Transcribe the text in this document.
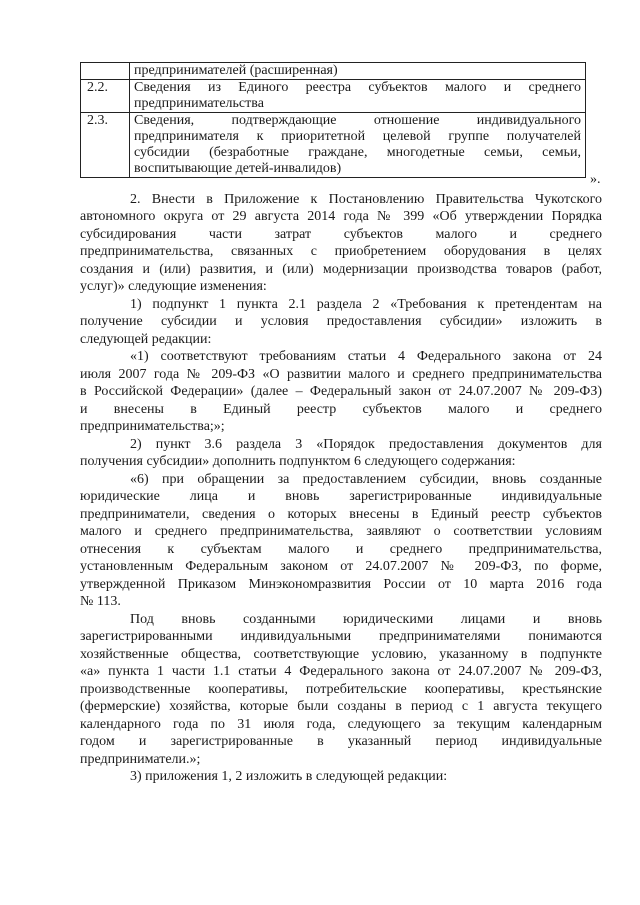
	предпринимателей (расширенная)

2.2.	Сведения из Единого реестра субъектов малого и среднего
предпринимательства

2.3.	Сведения, подтверждающие отношение индивидуального
предпринимателя к приоритетной целевой группе получателей
субсидии (безработные граждане, многодетные семьи, семьи,
воспитывающие детей-инвалидов)
».
2. Внести в Приложение к Постановлению Правительства Чукотского
автономного округа от 29 августа 2014 года № 399 «Об утверждении Порядка
субсидирования части затрат субъектов малого и среднего
предпринимательства, связанных с приобретением оборудования в целях
создания и (или) развития, и (или) модернизации производства товаров (работ,
услуг)» следующие изменения:
1) подпункт 1 пункта 2.1 раздела 2 «Требования к претендентам на
получение субсидии и условия предоставления субсидии» изложить в
следующей редакции:
«1) соответствуют требованиям статьи 4 Федерального закона от 24
июля 2007 года № 209-ФЗ «О развитии малого и среднего предпринимательства
в Российской Федерации» (далее – Федеральный закон от 24.07.2007 № 209-ФЗ)
и внесены в Единый реестр субъектов малого и среднего
предпринимательства;»;
2) пункт 3.6 раздела 3 «Порядок предоставления документов для
получения субсидии» дополнить подпунктом 6 следующего содержания:
«6) при обращении за предоставлением субсидии, вновь созданные
юридические лица и вновь зарегистрированные индивидуальные
предприниматели, сведения о которых внесены в Единый реестр субъектов
малого и среднего предпринимательства, заявляют о соответствии условиям
отнесения к субъектам малого и среднего предпринимательства,
установленным Федеральным законом от 24.07.2007 № 209-ФЗ, по форме,
утвержденной Приказом Минэкономразвития России от 10 марта 2016 года
№ 113.
Под вновь созданными юридическими лицами и вновь
зарегистрированными индивидуальными предпринимателями понимаются
хозяйственные общества, соответствующие условию, указанному в подпункте
«а» пункта 1 части 1.1 статьи 4 Федерального закона от 24.07.2007 № 209-ФЗ,
производственные кооперативы, потребительские кооперативы, крестьянские
(фермерские) хозяйства, которые были созданы в период с 1 августа текущего
календарного года по 31 июля года, следующего за текущим календарным
годом и зарегистрированные в указанный период индивидуальные
предприниматели.»;
3) приложения 1, 2 изложить в следующей редакции:
